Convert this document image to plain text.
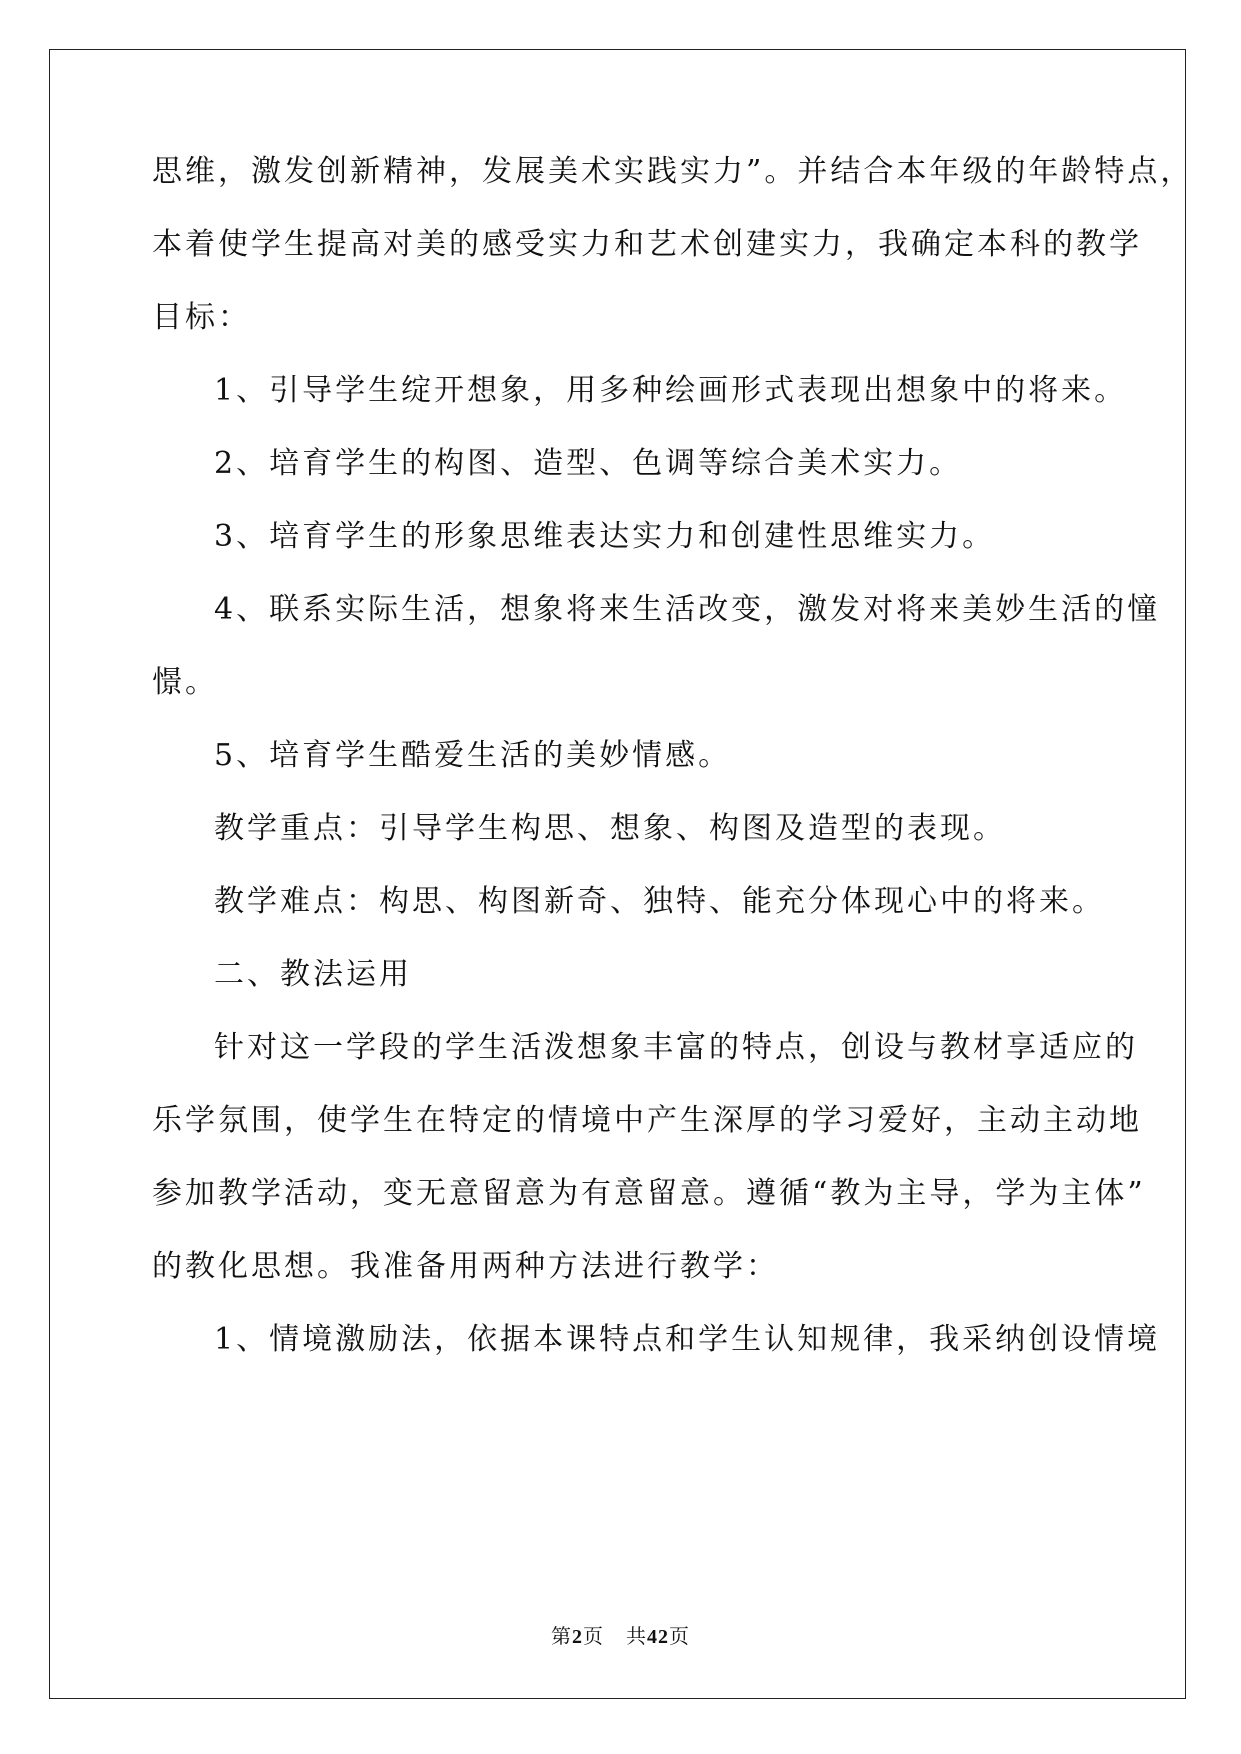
思维，激发创新精神，发展美术实践实力”。并结合本年级的年龄特点，
本着使学生提高对美的感受实力和艺术创建实力，我确定本科的教学
目标：
1、引导学生绽开想象，用多种绘画形式表现出想象中的将来。
2、培育学生的构图、造型、色调等综合美术实力。
3、培育学生的形象思维表达实力和创建性思维实力。
4、联系实际生活，想象将来生活改变，激发对将来美妙生活的憧
憬。
5、培育学生酷爱生活的美妙情感。
教学重点：引导学生构思、想象、构图及造型的表现。
教学难点：构思、构图新奇、独特、能充分体现心中的将来。
二、教法运用
针对这一学段的学生活泼想象丰富的特点，创设与教材享适应的
乐学氛围，使学生在特定的情境中产生深厚的学习爱好，主动主动地
参加教学活动，变无意留意为有意留意。遵循“教为主导，学为主体”
的教化思想。我准备用两种方法进行教学：
1、情境激励法，依据本课特点和学生认知规律，我采纳创设情境
第2页 共42页
